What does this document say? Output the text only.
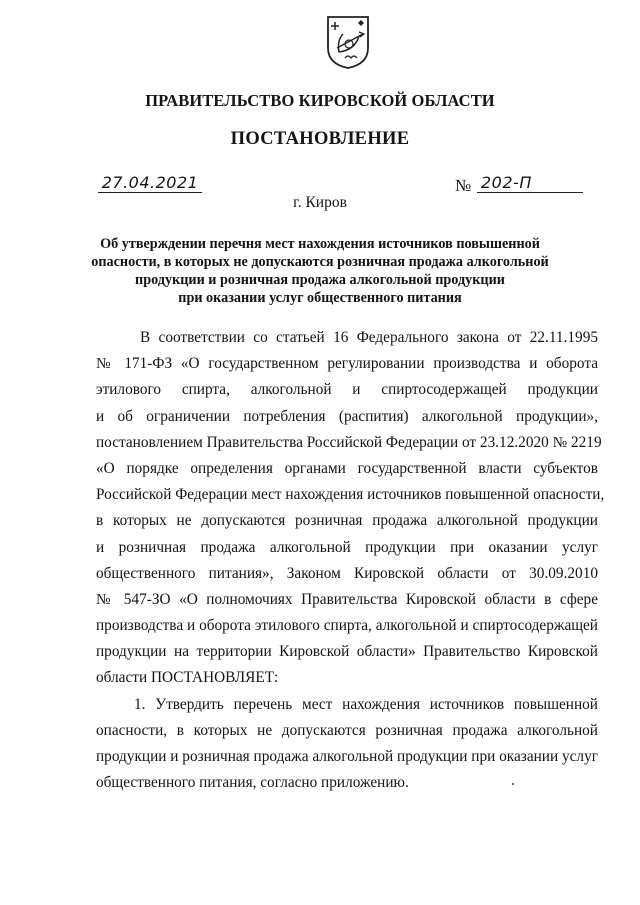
ПРАВИТЕЛЬСТВО КИРОВСКОЙ ОБЛАСТИ
ПОСТАНОВЛЕНИЕ
27.04.2021	№ 202-П
г. Киров
Об утверждении перечня мест нахождения источников повышенной
опасности, в которых не допускаются розничная продажа алкогольной
продукции и розничная продажа алкогольной продукции
при оказании услуг общественного питания
В соответствии со статьей 16 Федерального закона от 22.11.1995
№ 171-ФЗ «О государственном регулировании производства и оборота
этилового спирта, алкогольной и спиртосодержащей продукции
и об ограничении потребления (распития) алкогольной продукции»,
постановлением Правительства Российской Федерации от 23.12.2020 № 2219
«О порядке определения органами государственной власти субъектов
Российской Федерации мест нахождения источников повышенной опасности,
в которых не допускаются розничная продажа алкогольной продукции
и розничная продажа алкогольной продукции при оказании услуг
общественного питания», Законом Кировской области от 30.09.2010
№ 547-ЗО «О полномочиях Правительства Кировской области в сфере
производства и оборота этилового спирта, алкогольной и спиртосодержащей
продукции на территории Кировской области» Правительство Кировской
области ПОСТАНОВЛЯЕТ:
1. Утвердить перечень мест нахождения источников повышенной
опасности, в которых не допускаются розничная продажа алкогольной
продукции и розничная продажа алкогольной продукции при оказании услуг
общественного питания, согласно приложению.
